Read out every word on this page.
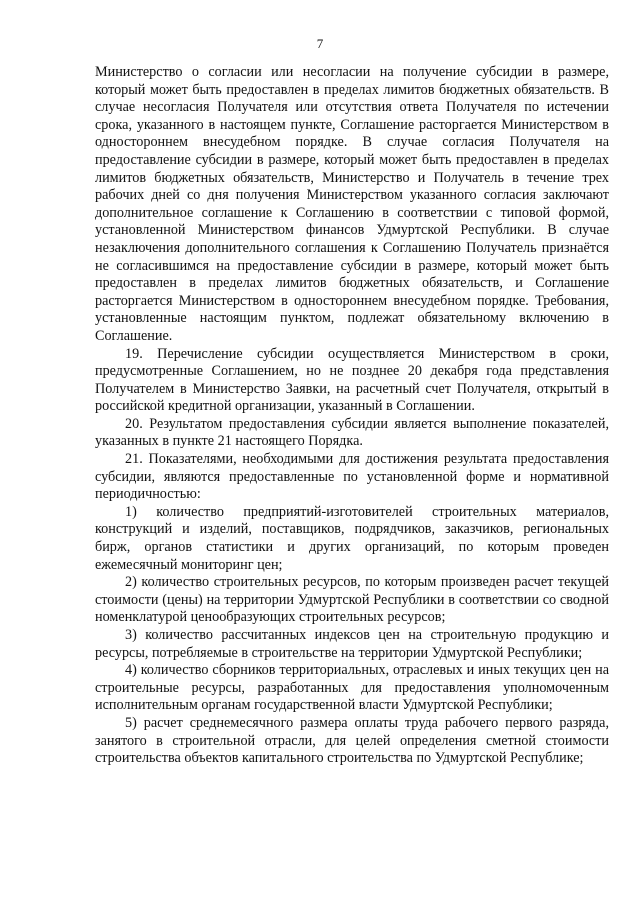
7

Министерство о согласии или несогласии на получение субсидии в размере, который может быть предоставлен в пределах лимитов бюджетных обязательств. В случае несогласия Получателя или отсутствия ответа Получателя по истечении срока, указанного в настоящем пункте, Соглашение расторгается Министерством в одностороннем внесудебном порядке. В случае согласия Получателя на предоставление субсидии в размере, который может быть предоставлен в пределах лимитов бюджетных обязательств, Министерство и Получатель в течение трех рабочих дней со дня получения Министерством указанного согласия заключают дополнительное соглашение к Соглашению в соответствии с типовой формой, установленной Министерством финансов Удмуртской Республики. В случае незаключения дополнительного соглашения к Соглашению Получатель признаётся не согласившимся на предоставление субсидии в размере, который может быть предоставлен в пределах лимитов бюджетных обязательств, и Соглашение расторгается Министерством в одностороннем внесудебном порядке. Требования, установленные настоящим пунктом, подлежат обязательному включению в Соглашение.

19. Перечисление субсидии осуществляется Министерством в сроки, предусмотренные Соглашением, но не позднее 20 декабря года представления Получателем в Министерство Заявки, на расчетный счет Получателя, открытый в российской кредитной организации, указанный в Соглашении.

20. Результатом предоставления субсидии является выполнение показателей, указанных в пункте 21 настоящего Порядка.

21. Показателями, необходимыми для достижения результата предоставления субсидии, являются предоставленные по установленной форме и нормативной периодичностью:

1) количество предприятий-изготовителей строительных материалов, конструкций и изделий, поставщиков, подрядчиков, заказчиков, региональных бирж, органов статистики и других организаций, по которым проведен ежемесячный мониторинг цен;

2) количество строительных ресурсов, по которым произведен расчет текущей стоимости (цены) на территории Удмуртской Республики в соответствии со сводной номенклатурой ценообразующих строительных ресурсов;

3) количество рассчитанных индексов цен на строительную продукцию и ресурсы, потребляемые в строительстве на территории Удмуртской Республики;

4) количество сборников территориальных, отраслевых и иных текущих цен на строительные ресурсы, разработанных для предоставления уполномоченным исполнительным органам государственной власти Удмуртской Республики;

5) расчет среднемесячного размера оплаты труда рабочего первого разряда, занятого в строительной отрасли, для целей определения сметной стоимости строительства объектов капитального строительства по Удмуртской Республике;
